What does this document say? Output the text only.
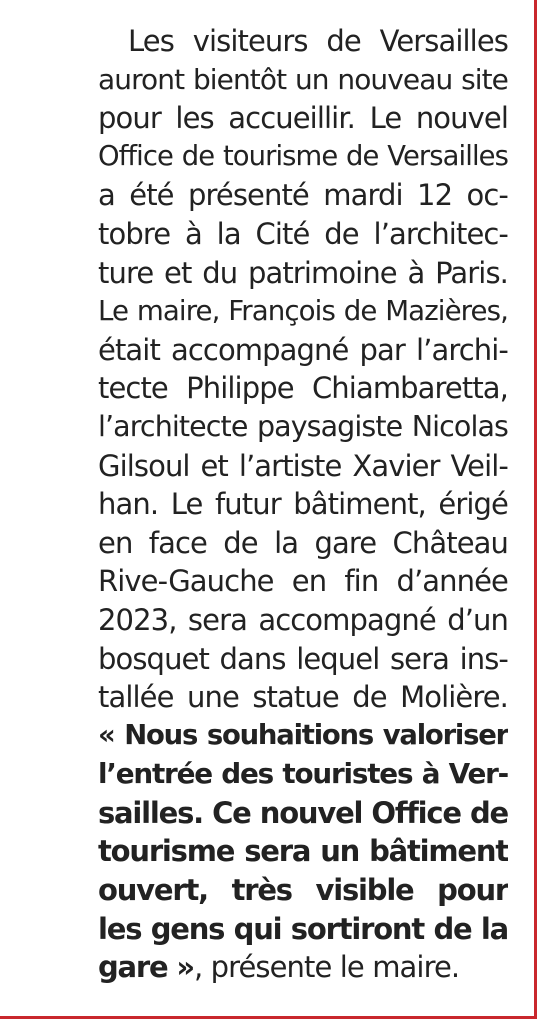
Les visiteurs de Versailles
auront bientôt un nouveau site
pour les accueillir. Le nouvel
Office de tourisme de Versailles
a été présenté mardi 12 oc-
tobre à la Cité de l’architec-
ture et du patrimoine à Paris.
Le maire, François de Mazières,
était accompagné par l’archi-
tecte Philippe Chiambaretta,
l’architecte paysagiste Nicolas
Gilsoul et l’artiste Xavier Veil-
han. Le futur bâtiment, érigé
en face de la gare Château
Rive-Gauche en fin d’année
2023, sera accompagné d’un
bosquet dans lequel sera ins-
tallée une statue de Molière.
« Nous souhaitions valoriser
l’entrée des touristes à Ver-
sailles. Ce nouvel Office de
tourisme sera un bâtiment
ouvert, très visible pour
les gens qui sortiront de la
gare », présente le maire.
